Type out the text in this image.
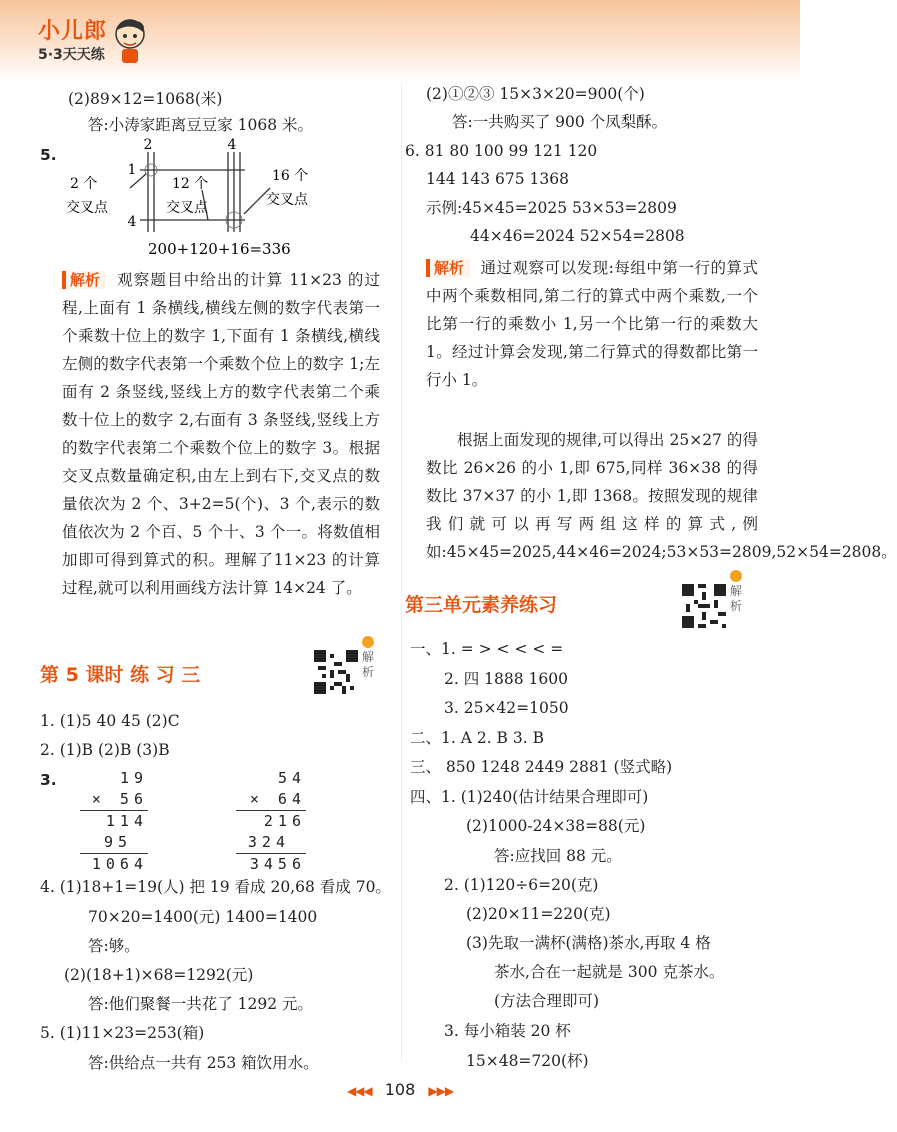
小儿郎
5·3天天练
(2)89×12=1068(米)
答:小涛家距离豆豆家 1068 米。
5.
2	4
1
4
2 个
交叉点
12 个
交叉点
16 个
交叉点
200+120+16=336
解析 观察题目中给出的计算 11×23 的过程,上面有 1 条横线,横线左侧的数字代表第一个乘数十位上的数字 1,下面有 1 条横线,横线左侧的数字代表第一个乘数个位上的数字 1;左面有 2 条竖线,竖线上方的数字代表第二个乘数十位上的数字 2,右面有 3 条竖线,竖线上方的数字代表第二个乘数个位上的数字 3。根据交叉点数量确定积,由左上到右下,交叉点的数量依次为 2 个、3+2=5(个)、3 个,表示的数值依次为 2 个百、5 个十、3 个一。将数值相加即可得到算式的积。理解了11×23 的计算过程,就可以利用画线方法计算 14×24 了。
第 5 课时 练 习 三
解析
1. (1)5 40 45 (2)C
2. (1)B (2)B (3)B
3.	19
× 56
114
95
1064
54
× 64
216
324
3456
4. (1)18+1=19(人) 把 19 看成 20,68 看成 70。
70×20=1400(元) 1400=1400
答:够。
(2)(18+1)×68=1292(元)
答:他们聚餐一共花了 1292 元。
5. (1)11×23=253(箱)
答:供给点一共有 253 箱饮用水。
(2)①②③ 15×3×20=900(个)
答:一共购买了 900 个凤梨酥。
6. 81 80 100 99 121 120
144 143 675 1368
示例:45×45=2025 53×53=2809
44×46=2024 52×54=2808
解析 通过观察可以发现:每组中第一行的算式中两个乘数相同,第二行的算式中两个乘数,一个比第一行的乘数小 1,另一个比第一行的乘数大 1。经过计算会发现,第二行算式的得数都比第一行小 1。
根据上面发现的规律,可以得出 25×27 的得数比 26×26 的小 1,即 675,同样 36×38 的得数比 37×37 的小 1,即 1368。按照发现的规律我们就可以再写两组这样的算式,例如:45×45=2025,44×46=2024;53×53=2809,52×54=2808。
第三单元素养练习
解析
一、1. = > < < < =
2. 四 1888 1600
3. 25×42=1050
二、1. A 2. B 3. B
三、 850 1248 2449 2881 (竖式略)
四、1. (1)240(估计结果合理即可)
(2)1000-24×38=88(元)
答:应找回 88 元。
2. (1)120÷6=20(克)
(2)20×11=220(克)
(3)先取一满杯(满格)茶水,再取 4 格
茶水,合在一起就是 300 克茶水。
(方法合理即可)
3. 每小箱装 20 杯
15×48=720(杯)
◀◀◀ 108 ▶▶▶
